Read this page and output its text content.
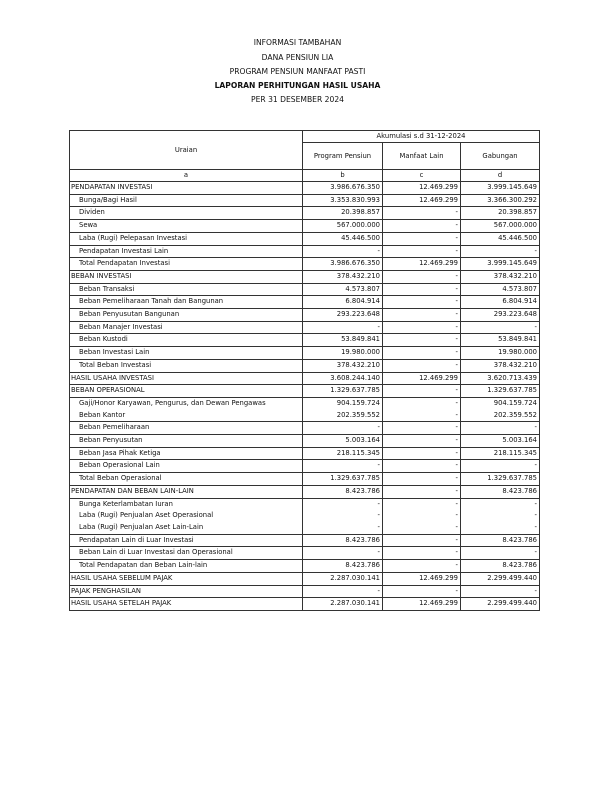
INFORMASI TAMBAHAN
DANA PENSIUN LIA
PROGRAM PENSIUN MANFAAT PASTI
LAPORAN PERHITUNGAN HASIL USAHA
PER 31 DESEMBER 2024
Uraian	Akumulasi s.d 31-12-2024		
	Program Pensiun	Manfaat Lain	Gabungan
a	b	c	d
PENDAPATAN INVESTASI	3.986.676.350	12.469.299	3.999.145.649
Bunga/Bagi Hasil	3.353.830.993	12.469.299	3.366.300.292
Dividen	20.398.857	-	20.398.857
Sewa	567.000.000	-	567.000.000
Laba (Rugi) Pelepasan Investasi	45.446.500	-	45.446.500
Pendapatan Investasi Lain	-	-	-
Total Pendapatan Investasi	3.986.676.350	12.469.299	3.999.145.649
BEBAN INVESTASI	378.432.210	-	378.432.210
Beban Transaksi	4.573.807	-	4.573.807
Beban Pemeliharaan Tanah dan Bangunan	6.804.914	-	6.804.914
Beban Penyusutan Bangunan	293.223.648	-	293.223.648
Beban Manajer Investasi	-	-	-
Beban Kustodi	53.849.841	-	53.849.841
Beban Investasi Lain	19.980.000	-	19.980.000
Total Beban Investasi	378.432.210	-	378.432.210
HASIL USAHA INVESTASI	3.608.244.140	12.469.299	3.620.713.439
BEBAN OPERASIONAL	1.329.637.785	-	1.329.637.785
Gaji/Honor Karyawan, Pengurus, dan Dewan Pengawas	904.159.724	-	904.159.724
Beban Kantor	202.359.552	-	202.359.552
Beban Pemeliharaan	-	-	-
Beban Penyusutan	5.003.164	-	5.003.164
Beban Jasa Pihak Ketiga	218.115.345	-	218.115.345
Beban Operasional Lain	-	-	-
Total Beban Operasional	1.329.637.785	-	1.329.637.785
PENDAPATAN DAN BEBAN LAIN-LAIN	8.423.786	-	8.423.786
Bunga Keterlambatan Iuran	-	-	-
Laba (Rugi) Penjualan Aset Operasional	-	-	-
Laba (Rugi) Penjualan Aset Lain-Lain	-	-	-
Pendapatan Lain di Luar Investasi	8.423.786	-	8.423.786
Beban Lain di Luar Investasi dan Operasional	-	-	-
Total Pendapatan dan Beban Lain-lain	8.423.786	-	8.423.786
HASIL USAHA SEBELUM PAJAK	2.287.030.141	12.469.299	2.299.499.440
PAJAK PENGHASILAN	-	-	-
HASIL USAHA SETELAH PAJAK	2.287.030.141	12.469.299	2.299.499.440
